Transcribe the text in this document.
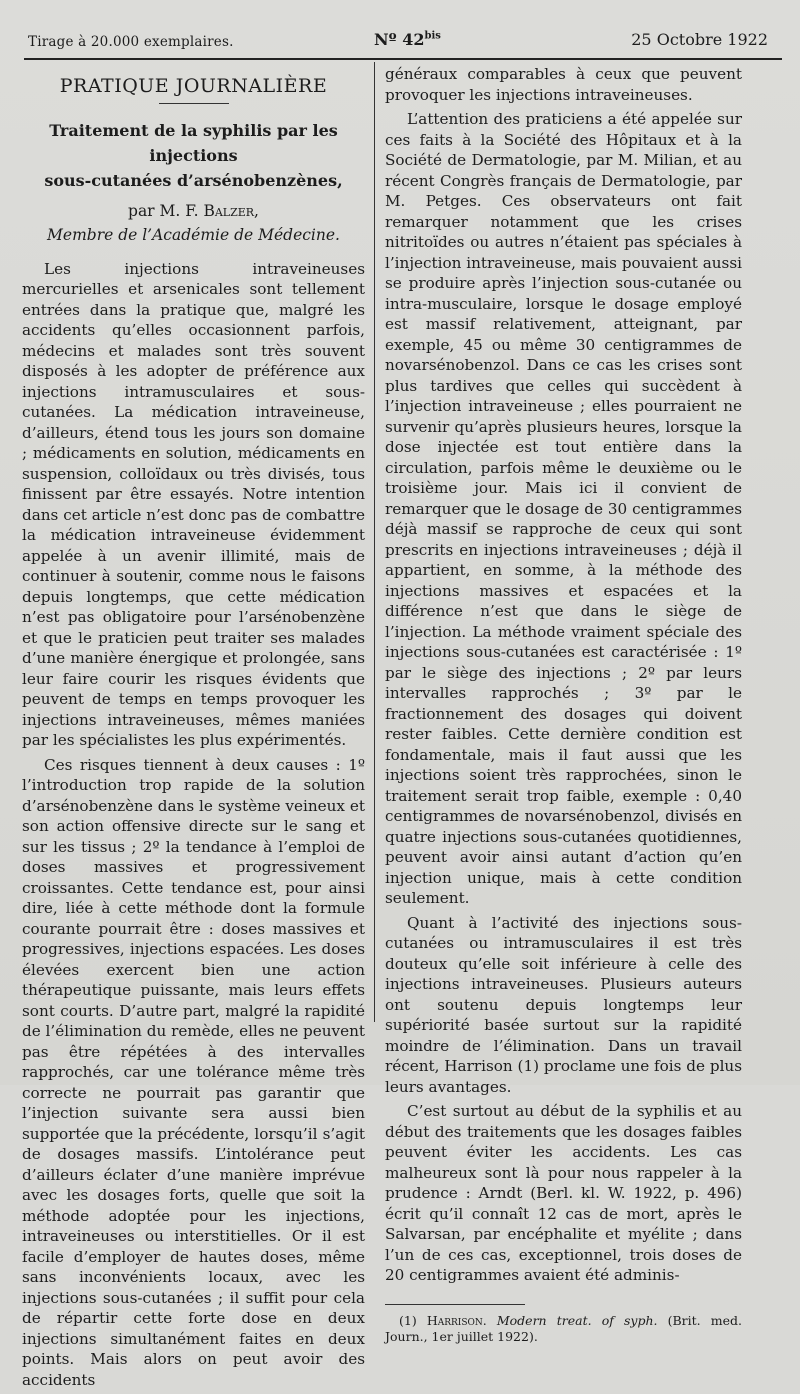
Tirage à 20.000 exemplaires.	Nº $42^{bis}$	25 Octobre 1922
PRATIQUE JOURNALIÈRE
Traitement de la syphilis par les injections
sous-cutanées d’arsénobenzènes,

par M. F. Balzer,

Membre de l’Académie de Médecine.

Les injections intraveineuses mercurielles et arsenicales sont tellement entrées dans la pratique que, malgré les accidents qu’elles occasionnent parfois, médecins et malades sont très souvent disposés à les adopter de préférence aux injections intramusculaires et sous-cutanées. La médication intraveineuse, d’ailleurs, étend tous les jours son domaine ; médicaments en solution, médicaments en suspension, colloïdaux ou très divisés, tous finissent par être essayés. Notre intention dans cet article n’est donc pas de combattre la médication intraveineuse évidemment appelée à un avenir illimité, mais de continuer à soutenir, comme nous le faisons depuis longtemps, que cette médication n’est pas obligatoire pour l’arsénobenzène et que le praticien peut traiter ses malades d’une manière énergique et prolongée, sans leur faire courir les risques évidents que peuvent de temps en temps provoquer les injections intraveineuses, mêmes maniées par les spécialistes les plus expérimentés.

Ces risques tiennent à deux causes : 1º l’introduction trop rapide de la solution d’arsénobenzène dans le système veineux et son action offensive directe sur le sang et sur les tissus ; 2º la tendance à l’emploi de doses massives et progressivement croissantes. Cette tendance est, pour ainsi dire, liée à cette méthode dont la formule courante pourrait être : doses massives et progressives, injections espacées. Les doses élevées exercent bien une action thérapeutique puissante, mais leurs effets sont courts. D’autre part, malgré la rapidité de l’élimination du remède, elles ne peuvent pas être répétées à des intervalles rapprochés, car une tolérance même très correcte ne pourrait pas garantir que l’injection suivante sera aussi bien supportée que la précédente, lorsqu’il s’agit de dosages massifs. L’intolérance peut d’ailleurs éclater d’une manière imprévue avec les dosages forts, quelle que soit la méthode adoptée pour les injections, intraveineuses ou interstitielles. Or il est facile d’employer de hautes doses, même sans inconvénients locaux, avec les injections sous-cutanées ; il suffit pour cela de répartir cette forte dose en deux injections simultanément faites en deux points. Mais alors on peut avoir des accidents

généraux comparables à ceux que peuvent provoquer les injections intraveineuses.

L’attention des praticiens a été appelée sur ces faits à la Société des Hôpitaux et à la Société de Dermatologie, par M. Milian, et au récent Congrès français de Dermatologie, par M. Petges. Ces observateurs ont fait remarquer notamment que les crises nitritoïdes ou autres n’étaient pas spéciales à l’injection intraveineuse, mais pouvaient aussi se produire après l’injection sous-cutanée ou intra-musculaire, lorsque le dosage employé est massif relativement, atteignant, par exemple, 45 ou même 30 centigrammes de novarsénobenzol. Dans ce cas les crises sont plus tardives que celles qui succèdent à l’injection intraveineuse ; elles pourraient ne survenir qu’après plusieurs heures, lorsque la dose injectée est tout entière dans la circulation, parfois même le deuxième ou le troisième jour. Mais ici il convient de remarquer que le dosage de 30 centigrammes déjà massif se rapproche de ceux qui sont prescrits en injections intraveineuses ; déjà il appartient, en somme, à la méthode des injections massives et espacées et la différence n’est que dans le siège de l’injection. La méthode vraiment spéciale des injections sous-cutanées est caractérisée : 1º par le siège des injections ; 2º par leurs intervalles rapprochés ; 3º par le fractionnement des dosages qui doivent rester faibles. Cette dernière condition est fondamentale, mais il faut aussi que les injections soient très rapprochées, sinon le traitement serait trop faible, exemple : 0,40 centigrammes de novarsénobenzol, divisés en quatre injections sous-cutanées quotidiennes, peuvent avoir ainsi autant d’action qu’en injection unique, mais à cette condition seulement.

Quant à l’activité des injections sous-cutanées ou intramusculaires il est très douteux qu’elle soit inférieure à celle des injections intraveineuses. Plusieurs auteurs ont soutenu depuis longtemps leur supériorité basée surtout sur la rapidité moindre de l’élimination. Dans un travail récent, Harrison (1) proclame une fois de plus leurs avantages.

C’est surtout au début de la syphilis et au début des traitements que les dosages faibles peuvent éviter les accidents. Les cas malheureux sont là pour nous rappeler à la prudence : Arndt (Berl. kl. W. 1922, p. 496) écrit qu’il connaît 12 cas de mort, après le Salvarsan, par encéphalite et myélite ; dans l’un de ces cas, exceptionnel, trois doses de 20 centigrammes avaient été adminis-

(1) Harrison. Modern treat. of syph. (Brit. med. Journ., 1er juillet 1922).
